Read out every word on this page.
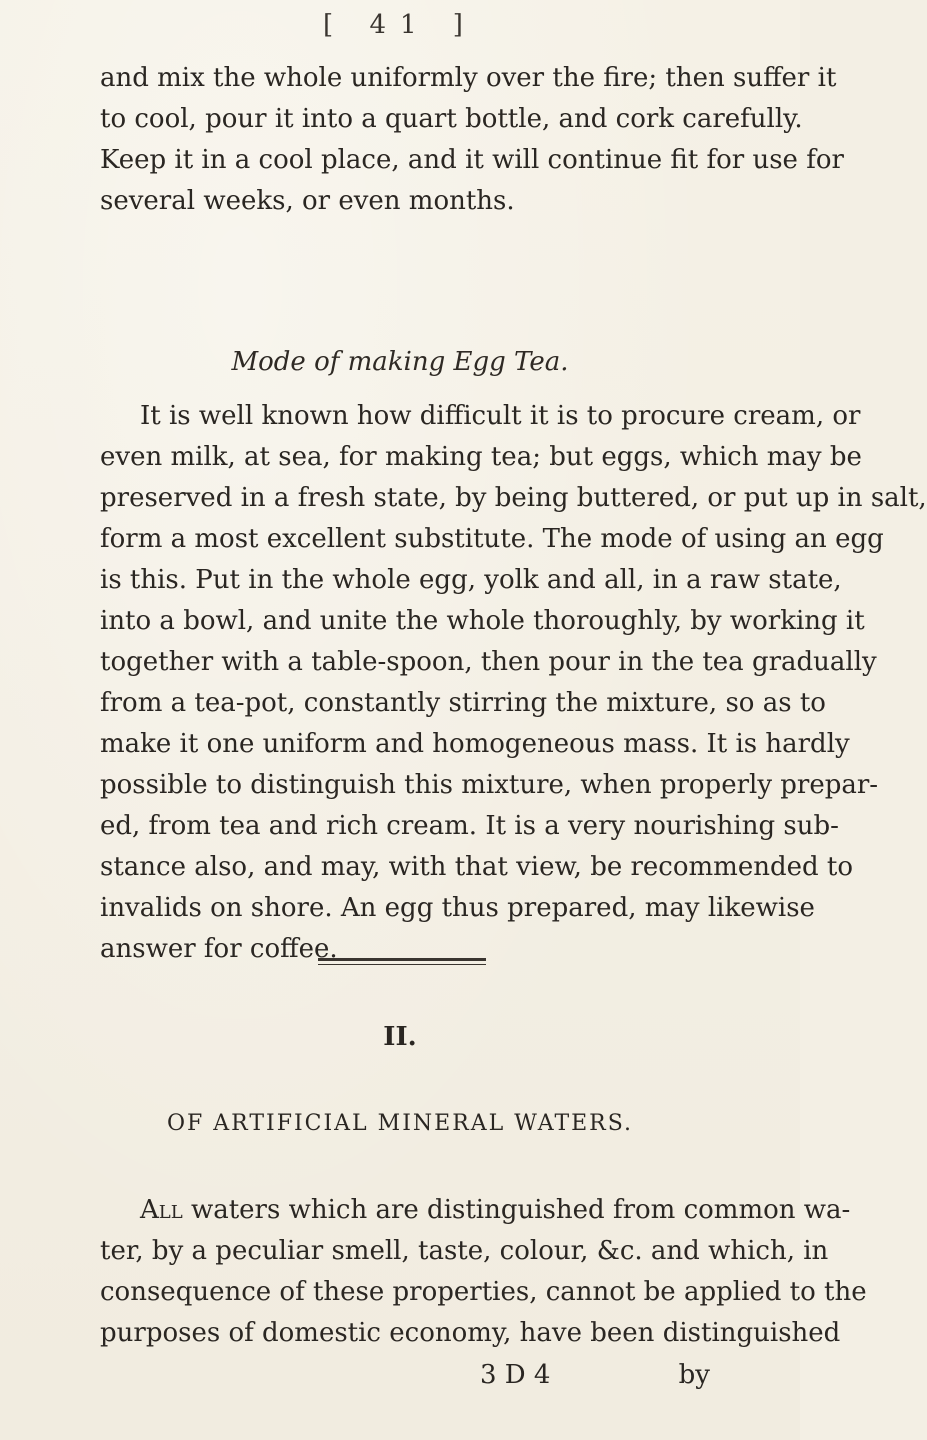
[ 41 ]
and mix the whole uniformly over the fire; then suffer it
to cool, pour it into a quart bottle, and cork carefully.
Keep it in a cool place, and it will continue fit for use for
several weeks, or even months.
Mode of making Egg Tea.
It is well known how difficult it is to procure cream, or
even milk, at sea, for making tea; but eggs, which may be
preserved in a fresh state, by being buttered, or put up in salt,
form a most excellent substitute. The mode of using an egg
is this. Put in the whole egg, yolk and all, in a raw state,
into a bowl, and unite the whole thoroughly, by working it
together with a table-spoon, then pour in the tea gradually
from a tea-pot, constantly stirring the mixture, so as to
make it one uniform and homogeneous mass. It is hardly
possible to distinguish this mixture, when properly prepar-
ed, from tea and rich cream. It is a very nourishing sub-
stance also, and may, with that view, be recommended to
invalids on shore. An egg thus prepared, may likewise
answer for coffee.
II.
OF ARTIFICIAL MINERAL WATERS.
All waters which are distinguished from common wa-
ter, by a peculiar smell, taste, colour, &c. and which, in
consequence of these properties, cannot be applied to the
purposes of domestic economy, have been distinguished
3 D 4	by
